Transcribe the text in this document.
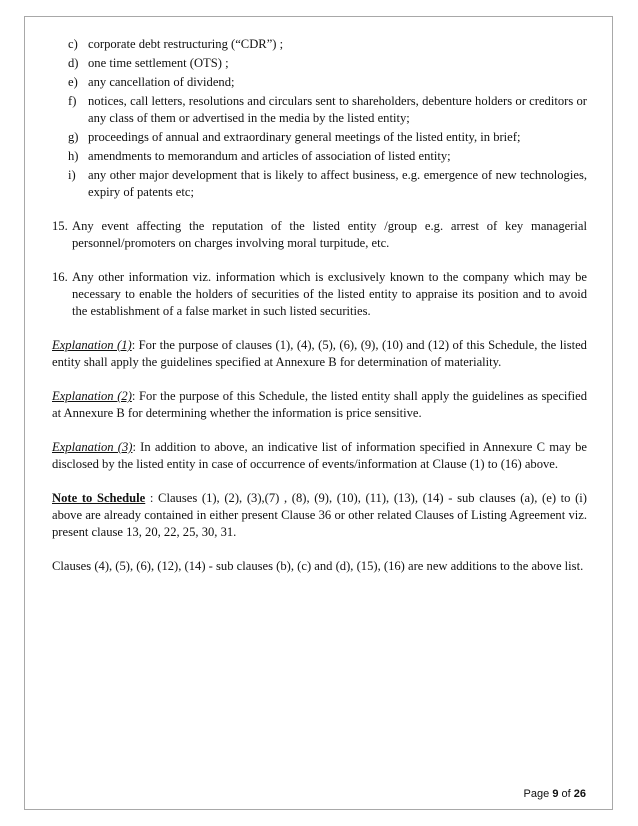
c) corporate debt restructuring (“CDR”) ;
d) one time settlement (OTS) ;
e) any cancellation of dividend;
f) notices, call letters, resolutions and circulars sent to shareholders, debenture holders or creditors or any class of them or advertised in the media by the listed entity;
g) proceedings of annual and extraordinary general meetings of the listed entity, in brief;
h) amendments to memorandum and articles of association of listed entity;
i) any other major development that is likely to affect business, e.g. emergence of new technologies, expiry of patents etc;
15. Any event affecting the reputation of the listed entity /group e.g. arrest of key managerial personnel/promoters on charges involving moral turpitude, etc.
16. Any other information viz. information which is exclusively known to the company which may be necessary to enable the holders of securities of the listed entity to appraise its position and to avoid the establishment of a false market in such listed securities.

Explanation (1): For the purpose of clauses (1), (4), (5), (6), (9), (10) and (12) of this Schedule, the listed entity shall apply the guidelines specified at Annexure B for determination of materiality.

Explanation (2): For the purpose of this Schedule, the listed entity shall apply the guidelines as specified at Annexure B for determining whether the information is price sensitive.

Explanation (3): In addition to above, an indicative list of information specified in Annexure C may be disclosed by the listed entity in case of occurrence of events/information at Clause (1) to (16) above.

Note to Schedule : Clauses (1), (2), (3),(7) , (8), (9), (10), (11), (13), (14) - sub clauses (a), (e) to (i) above are already contained in either present Clause 36 or other related Clauses of Listing Agreement viz. present clause 13, 20, 22, 25, 30, 31.

Clauses (4), (5), (6), (12), (14) - sub clauses (b), (c) and (d), (15), (16) are new additions to the above list.

Page 9 of 26
